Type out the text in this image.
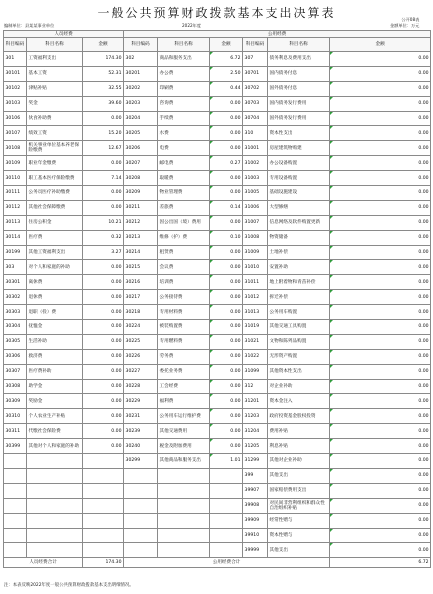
一般公共预算财政拨款基本支出决算表
编制单位：县某某事业单位	2022年度
公开08表
金额单位：万元
人员经费			公用经费					
科目编码	科目名称	金额	科目编码	科目名称	金额	科目编码	科目名称	金额
301	工资福利支出	174.30	302	商品和服务支出	6.72	307	债务利息及费用支出	0.00
30101	基本工资	52.31	30201	办公费	2.50	30701	国内债务付息	0.00
30102	津贴补贴	32.55	30202	印刷费	0.44	30702	国外债务付息	0.00
30103	奖金	39.60	30203	咨询费	0.00	30703	国内债务发行费用	0.00
30106	伙食补助费	0.00	30204	手续费	0.00	30704	国外债务发行费用	0.00
30107	绩效工资	15.20	30205	水费	0.00	310	资本性支出	0.00
30108	机关事业单位基本养老保险缴费	12.67	30206	电费	0.00	31001	房屋建筑物购建	0.00
30109	职业年金缴费	0.00	30207	邮电费	0.27	31002	办公设备购置	0.00
30110	职工基本医疗保险缴费	7.14	30208	取暖费	0.00	31003	专用设备购置	0.00
30111	公务员医疗补助缴费	0.00	30209	物业管理费	0.00	31005	基础设施建设	0.00
30112	其他社会保障缴费	0.00	30211	差旅费	0.14	31006	大型修缮	0.00
30113	住房公积金	10.21	30212	因公出国（境）费用	0.00	31007	信息网络及软件购置更新	0.00
30114	医疗费	0.32	30213	维修（护）费	0.10	31008	物资储备	0.00
30199	其他工资福利支出	3.27	30214	租赁费	0.00	31009	土地补偿	0.00
303	对个人和家庭的补助	0.00	30215	会议费	0.00	31010	安置补助	0.00
30301	离休费	0.00	30216	培训费	0.00	31011	地上附着物和青苗补偿	0.00
30302	退休费	0.00	30217	公务接待费	0.00	31012	拆迁补偿	0.00
30303	退职（役）费	0.00	30218	专用材料费	0.00	31013	公务用车购置	0.00
30304	抚恤金	0.00	30224	被装购置费	0.00	31019	其他交通工具购置	0.00
30305	生活补助	0.00	30225	专用燃料费	0.00	31021	文物和陈列品购置	0.00
30306	救济费	0.00	30226	劳务费	0.00	31022	无形资产购置	0.00
30307	医疗费补助	0.00	30227	委托业务费	0.00	31099	其他资本性支出	0.00
30308	助学金	0.00	30228	工会经费	0.00	312	对企业补助	0.00
30309	奖励金	0.00	30229	福利费	0.00	31201	资本金注入	0.00
30310	个人农业生产补贴	0.00	30231	公务用车运行维护费	0.00	31203	政府投资基金股权投资	0.00
30311	代缴社会保险费	0.00	30239	其他交通费用	0.00	31204	费用补贴	0.00
30399	其他对个人和家庭的补助	0.00	30240	税金及附加费用	0.00	31205	利息补贴	0.00
			30299	其他商品和服务支出	1.01	31299	其他对企业补助	0.00
						399	其他支出	0.00
						39907	国家赔偿费用支出	0.00
						39908	对民间非营利组织和群众性自治组织补贴	0.00
						39909	经常性赠与	0.00
						39910	资本性赠与	0.00
						39999	其他支出	0.00
人员经费合计		174.30	公用经费合计					6.72
注：本表反映2022年度一般公共预算财政拨款基本支出明细情况。
